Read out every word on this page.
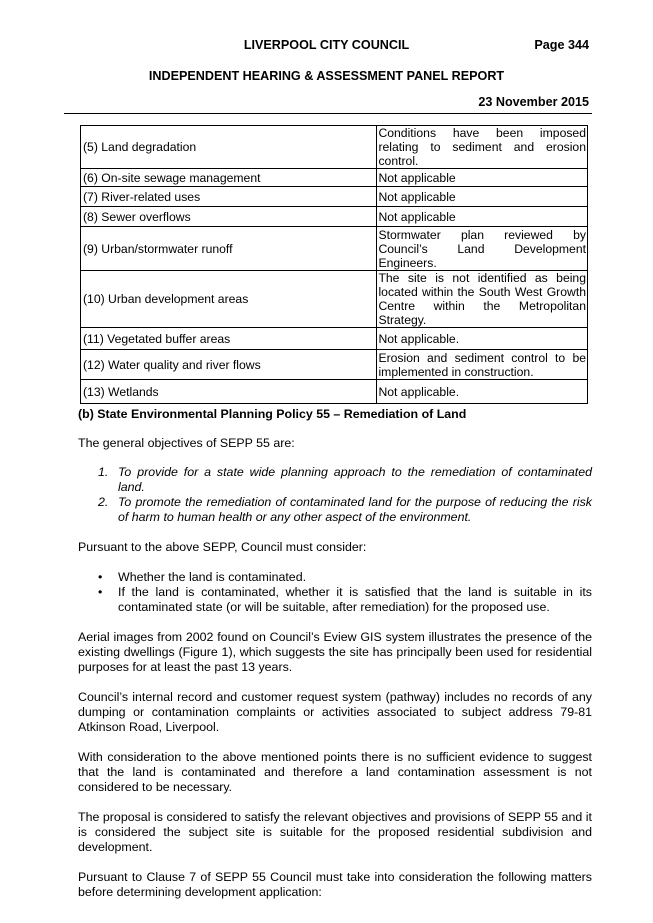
LIVERPOOL CITY COUNCIL	Page 344
INDEPENDENT HEARING & ASSESSMENT PANEL REPORT
23 November 2015
(5) Land degradation	Conditions have been imposed relating to sediment and erosion control.
(6) On-site sewage management	Not applicable
(7) River-related uses	Not applicable
(8) Sewer overflows	Not applicable
(9) Urban/stormwater runoff	Stormwater plan reviewed by Council’s Land Development Engineers.
(10) Urban development areas	The site is not identified as being located within the South West Growth Centre within the Metropolitan Strategy.
(11) Vegetated buffer areas	Not applicable.
(12) Water quality and river flows	Erosion and sediment control to be implemented in construction.
(13) Wetlands	Not applicable.
(b) State Environmental Planning Policy 55 – Remediation of Land

The general objectives of SEPP 55 are:

1. To provide for a state wide planning approach to the remediation of contaminated land.
2. To promote the remediation of contaminated land for the purpose of reducing the risk of harm to human health or any other aspect of the environment.

Pursuant to the above SEPP, Council must consider:

• Whether the land is contaminated.
• If the land is contaminated, whether it is satisfied that the land is suitable in its contaminated state (or will be suitable, after remediation) for the proposed use.

Aerial images from 2002 found on Council’s Eview GIS system illustrates the presence of the existing dwellings (Figure 1), which suggests the site has principally been used for residential purposes for at least the past 13 years.

Council’s internal record and customer request system (pathway) includes no records of any dumping or contamination complaints or activities associated to subject address 79-81 Atkinson Road, Liverpool.

With consideration to the above mentioned points there is no sufficient evidence to suggest that the land is contaminated and therefore a land contamination assessment is not considered to be necessary.

The proposal is considered to satisfy the relevant objectives and provisions of SEPP 55 and it is considered the subject site is suitable for the proposed residential subdivision and development.

Pursuant to Clause 7 of SEPP 55 Council must take into consideration the following matters before determining development application:
